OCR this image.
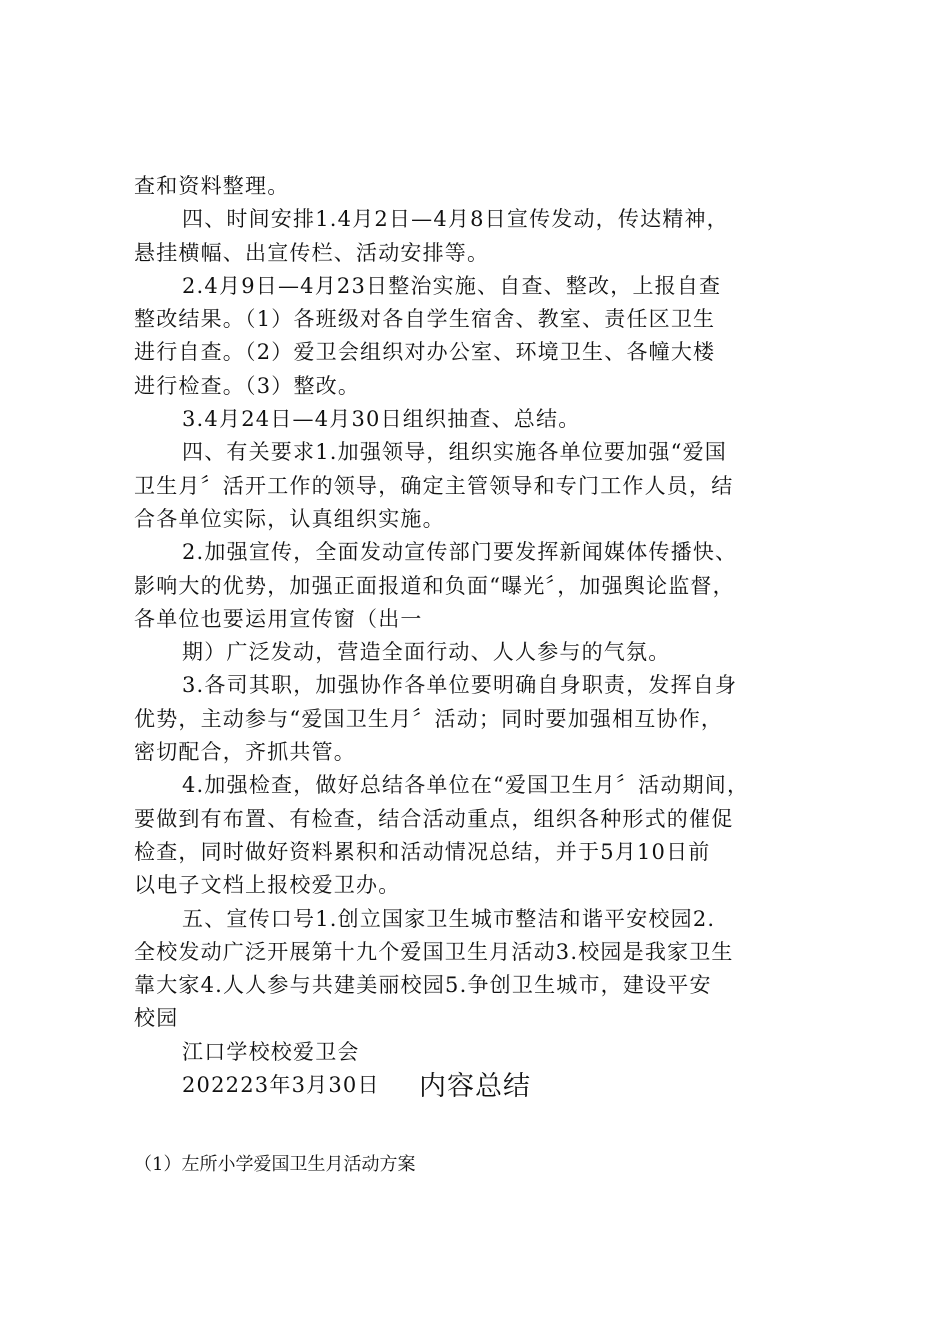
查和资料整理。
四、时间安排1.4月2日—4月8日宣传发动，传达精神，
悬挂横幅、出宣传栏、活动安排等。
2.4月9日—4月23日整治实施、自查、整改，上报自查
整改结果。（1）各班级对各自学生宿舍、教室、责任区卫生
进行自查。（2）爱卫会组织对办公室、环境卫生、各幢大楼
进行检查。（3）整改。
3.4月24日—4月30日组织抽查、总结。
四、有关要求1.加强领导，组织实施各单位要加强“爱国
卫生月〞活开工作的领导，确定主管领导和专门工作人员，结
合各单位实际，认真组织实施。
2.加强宣传，全面发动宣传部门要发挥新闻媒体传播快、
影响大的优势，加强正面报道和负面“曝光〞，加强舆论监督，
各单位也要运用宣传窗（出一
期）广泛发动，营造全面行动、人人参与的气氛。
3.各司其职，加强协作各单位要明确自身职责，发挥自身
优势，主动参与“爱国卫生月〞活动；同时要加强相互协作，
密切配合，齐抓共管。
4.加强检查，做好总结各单位在“爱国卫生月〞活动期间，
要做到有布置、有检查，结合活动重点，组织各种形式的催促
检查，同时做好资料累积和活动情况总结，并于5月10日前
以电子文档上报校爱卫办。
五、宣传口号1.创立国家卫生城市整洁和谐平安校园2.
全校发动广泛开展第十九个爱国卫生月活动3.校园是我家卫生
靠大家4.人人参与共建美丽校园5.争创卫生城市，建设平安
校园
江口学校校爱卫会
202223年3月30日	内容总结
（1）左所小学爱国卫生月活动方案
